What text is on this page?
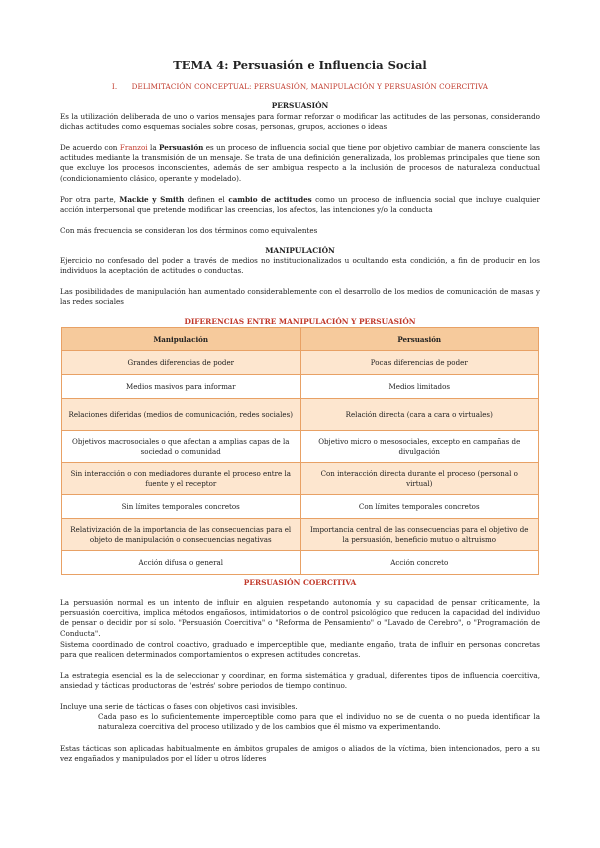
TEMA 4: Persuasión e Influencia Social
I. DELIMITACIÓN CONCEPTUAL: PERSUASIÓN, MANIPULACIÓN Y PERSUASIÓN COERCITIVA
PERSUASIÓN
Es la utilización deliberada de uno o varios mensajes para formar reforzar o modificar las actitudes de las personas, considerando dichas actitudes como esquemas sociales sobre cosas, personas, grupos, acciones o ideas
De acuerdo con Franzoi la Persuasión es un proceso de influencia social que tiene por objetivo cambiar de manera consciente las actitudes mediante la transmisión de un mensaje. Se trata de una definición generalizada, los problemas principales que tiene son que excluye los procesos inconscientes, además de ser ambigua respecto a la inclusión de procesos de naturaleza conductual (condicionamiento clásico, operante y modelado).
Por otra parte, Mackie y Smith definen el cambio de actitudes como un proceso de influencia social que incluye cualquier acción interpersonal que pretende modificar las creencias, los afectos, las intenciones y/o la conducta
Con más frecuencia se consideran los dos términos como equivalentes
MANIPULACIÓN
Ejercicio no confesado del poder a través de medios no institucionalizados u ocultando esta condición, a fin de producir en los individuos la aceptación de actitudes o conductas.
Las posibilidades de manipulación han aumentado considerablemente con el desarrollo de los medios de comunicación de masas y las redes sociales
DIFERENCIAS ENTRE MANIPULACIÓN Y PERSUASIÓN
Manipulación	Persuasión
Grandes diferencias de poder	Pocas diferencias de poder
Medios masivos para informar	Medios limitados
Relaciones diferidas (medios de comunicación, redes sociales)	Relación directa (cara a cara o virtuales)
Objetivos macrosociales o que afectan a amplias capas de la sociedad o comunidad	Objetivo micro o mesosociales, excepto en campañas de divulgación
Sin interacción o con mediadores durante el proceso entre la fuente y el receptor	Con interacción directa durante el proceso (personal o virtual)
Sin límites temporales concretos	Con límites temporales concretos
Relativización de la importancia de las consecuencias para el objeto de manipulación o consecuencias negativas	Importancia central de las consecuencias para el objetivo de la persuasión, beneficio mutuo o altruismo
Acción difusa o general	Acción concreto
PERSUASIÓN COERCITIVA
La persuasión normal es un intento de influir en alguien respetando autonomía y su capacidad de pensar críticamente, la persuasión coercitiva, implica métodos engañosos, intimidatorios o de control psicológico que reducen la capacidad del individuo de pensar o decidir por sí solo. "Persuasión Coercitiva" o "Reforma de Pensamiento" o "Lavado de Cerebro", o "Programación de Conducta".
Sistema coordinado de control coactivo, graduado e imperceptible que, mediante engaño, trata de influir en personas concretas para que realicen determinados comportamientos o expresen actitudes concretas.
La estrategia esencial es la de seleccionar y coordinar, en forma sistemática y gradual, diferentes tipos de influencia coercitiva, ansiedad y tácticas productoras de 'estrés' sobre periodos de tiempo continuo.
Incluye una serie de tácticas o fases con objetivos casi invisibles.
Cada paso es lo suficientemente imperceptible como para que el individuo no se de cuenta o no pueda identificar la naturaleza coercitiva del proceso utilizado y de los cambios que él mismo va experimentando.
Estas tácticas son aplicadas habitualmente en ámbitos grupales de amigos o aliados de la víctima, bien intencionados, pero a su vez engañados y manipulados por el líder u otros líderes
